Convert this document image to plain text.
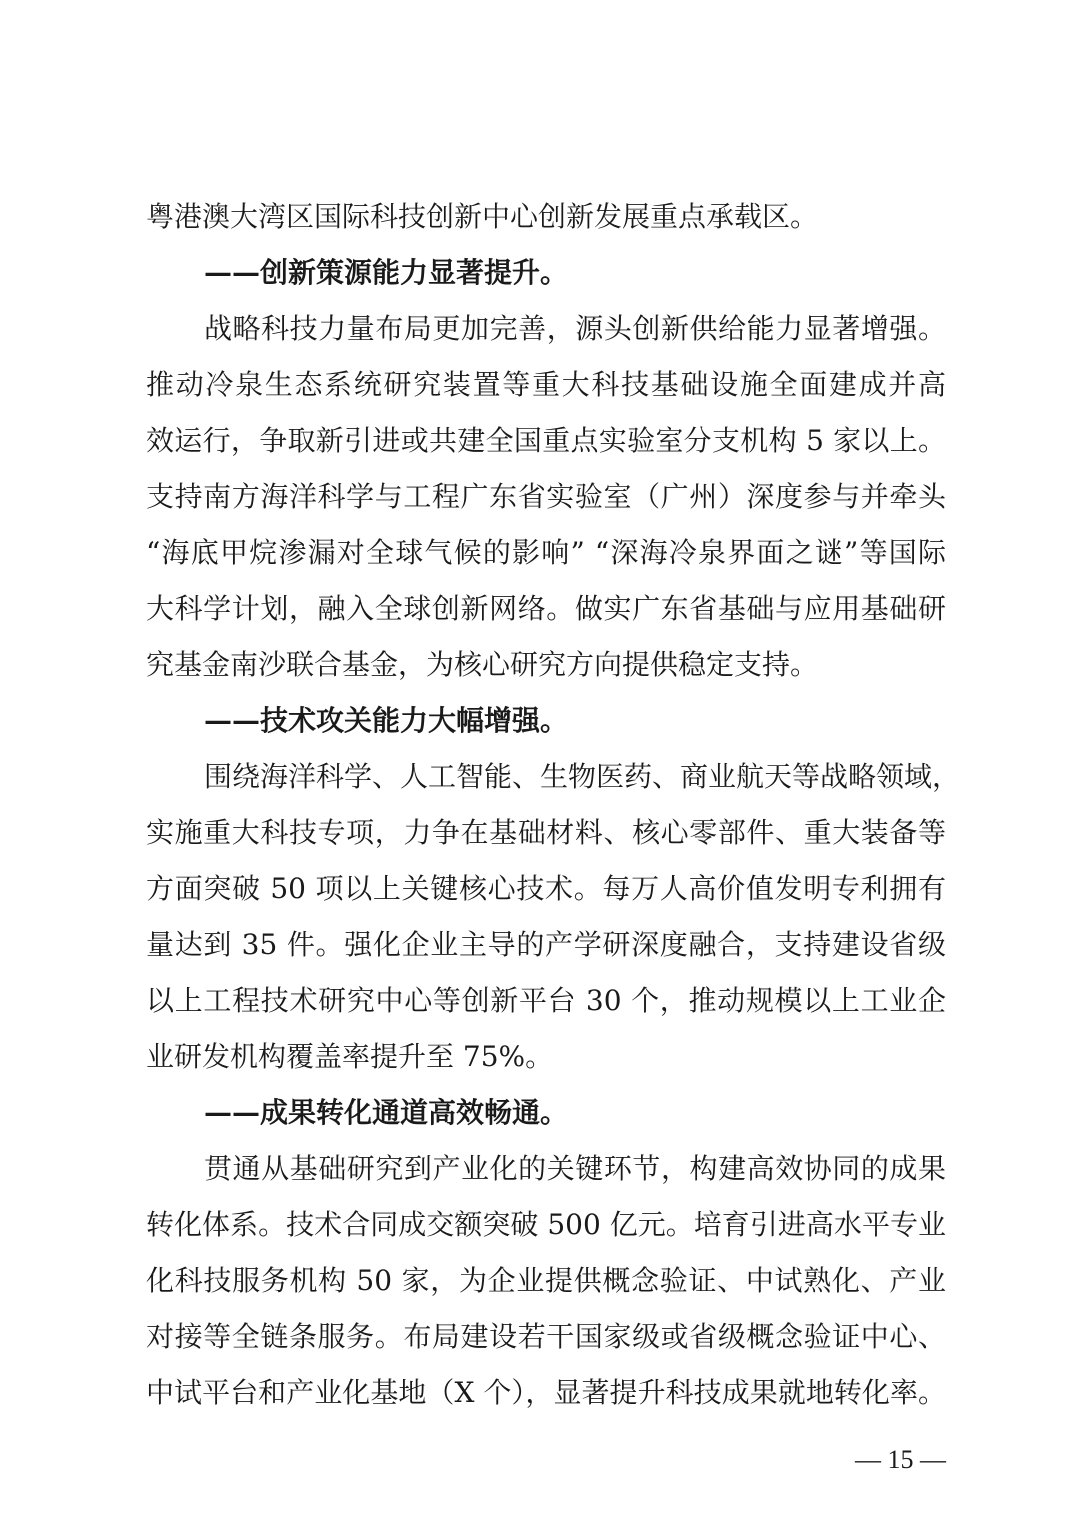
粤港澳大湾区国际科技创新中心创新发展重点承载区。
——创新策源能力显著提升。
战略科技力量布局更加完善，源头创新供给能力显著增强。
推动冷泉生态系统研究装置等重大科技基础设施全面建成并高
效运行，争取新引进或共建全国重点实验室分支机构 5 家以上。
支持南方海洋科学与工程广东省实验室（广州）深度参与并牵头
“海底甲烷渗漏对全球气候的影响” “深海冷泉界面之谜”等国际
大科学计划，融入全球创新网络。做实广东省基础与应用基础研
究基金南沙联合基金，为核心研究方向提供稳定支持。
——技术攻关能力大幅增强。
围绕海洋科学、人工智能、生物医药、商业航天等战略领域，
实施重大科技专项，力争在基础材料、核心零部件、重大装备等
方面突破 50 项以上关键核心技术。每万人高价值发明专利拥有
量达到 35 件。强化企业主导的产学研深度融合，支持建设省级
以上工程技术研究中心等创新平台 30 个，推动规模以上工业企
业研发机构覆盖率提升至 75%。
——成果转化通道高效畅通。
贯通从基础研究到产业化的关键环节，构建高效协同的成果
转化体系。技术合同成交额突破 500 亿元。培育引进高水平专业
化科技服务机构 50 家，为企业提供概念验证、中试熟化、产业
对接等全链条服务。布局建设若干国家级或省级概念验证中心、
中试平台和产业化基地（X 个），显著提升科技成果就地转化率。
— 15 —
